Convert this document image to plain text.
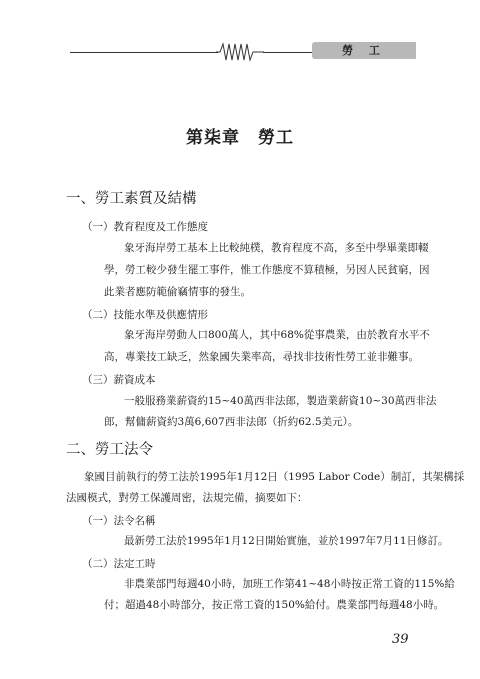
勞 工
第柒章　勞工
一、勞工素質及結構
（一）教育程度及工作態度
象牙海岸勞工基本上比較純樸，教育程度不高，多至中學畢業即輟
學，勞工較少發生罷工事件，惟工作態度不算積極，另因人民貧窮，因
此業者應防範偷竊情事的發生。
（二）技能水準及供應情形
象牙海岸勞動人口800萬人，其中68%從事農業，由於教育水平不
高，專業技工缺乏，然象國失業率高，尋找非技術性勞工並非難事。
（三）薪資成本
一般服務業薪資約15~40萬西非法郎，製造業薪資10~30萬西非法
郎，幫傭薪資約3萬6,607西非法郎（折約62.5美元）。
二、勞工法令
象國目前執行的勞工法於1995年1月12日（1995 Labor Code）制訂，其架構採
法國模式，對勞工保護周密，法規完備，摘要如下：
（一）法令名稱
最新勞工法於1995年1月12日開始實施，並於1997年7月11日修訂。
（二）法定工時
非農業部門每週40小時，加班工作第41~48小時按正常工資的115%給
付；超過48小時部分，按正常工資的150%給付。農業部門每週48小時。
39
